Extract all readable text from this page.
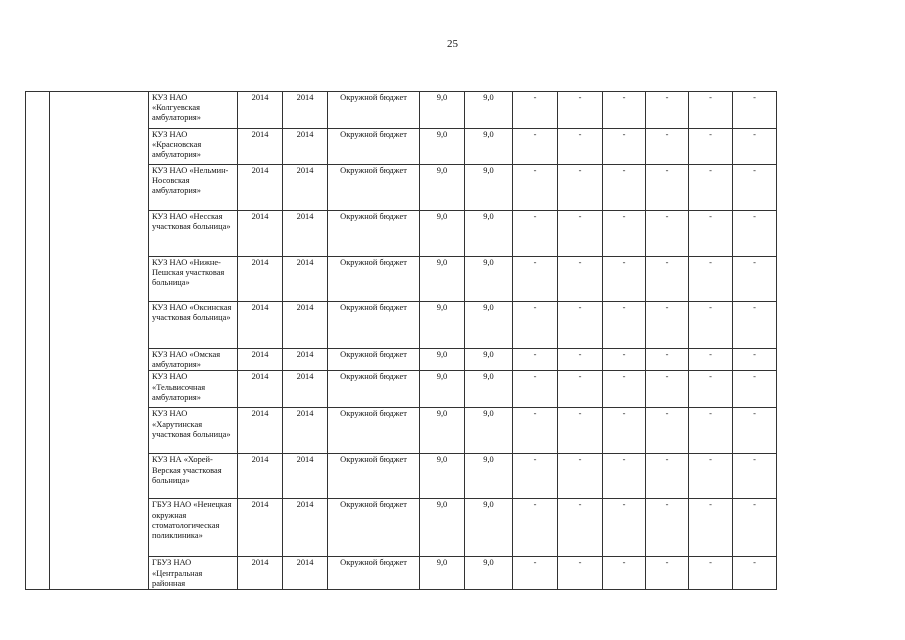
25
		КУЗ НАО «Колгуевская амбулатория»	2014	2014	Окружной бюджет	9,0	9,0	-	-	-	-	-	-
		КУЗ НАО «Красновская амбулатория»	2014	2014	Окружной бюджет	9,0	9,0	-	-	-	-	-	-
		КУЗ НАО «Нельмин-Носовская амбулатория»	2014	2014	Окружной бюджет	9,0	9,0	-	-	-	-	-	-
		КУЗ НАО «Несская участковая больница»	2014	2014	Окружной бюджет	9,0	9,0	-	-	-	-	-	-
		КУЗ НАО «Нижне-Пешская участковая больница»	2014	2014	Окружной бюджет	9,0	9,0	-	-	-	-	-	-
		КУЗ НАО «Оксинская участковая больница»	2014	2014	Окружной бюджет	9,0	9,0	-	-	-	-	-	-
		КУЗ НАО «Омская амбулатория»	2014	2014	Окружной бюджет	9,0	9,0	-	-	-	-	-	-
		КУЗ НАО «Тельвисочная амбулатория»	2014	2014	Окружной бюджет	9,0	9,0	-	-	-	-	-	-
		КУЗ НАО «Харутинская участковая больница»	2014	2014	Окружной бюджет	9,0	9,0	-	-	-	-	-	-
		КУЗ НА «Хорей-Верская участковая больница»	2014	2014	Окружной бюджет	9,0	9,0	-	-	-	-	-	-
		ГБУЗ НАО «Ненецкая окружная стоматологическая поликлиника»	2014	2014	Окружной бюджет	9,0	9,0	-	-	-	-	-	-
		ГБУЗ НАО «Центральная районная	2014	2014	Окружной бюджет	9,0	9,0	-	-	-	-	-	-
